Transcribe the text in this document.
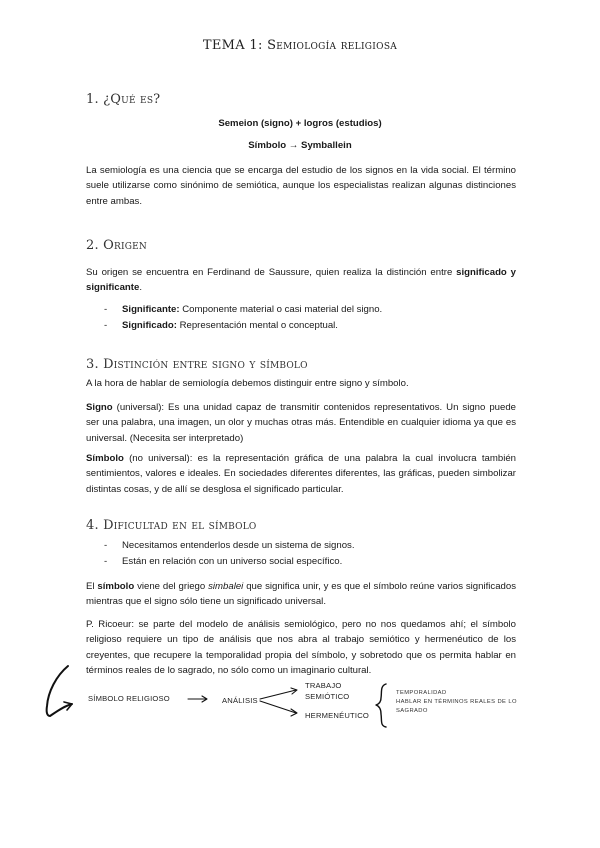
TEMA 1: Semiología religiosa
1. ¿Qué es?
Semeion (signo) + logros (estudios)
Símbolo → Symballein
La semiología es una ciencia que se encarga del estudio de los signos en la vida social. El término suele utilizarse como sinónimo de semiótica, aunque los especialistas realizan algunas distinciones entre ambas.
2. Origen
Su origen se encuentra en Ferdinand de Saussure, quien realiza la distinción entre significado y significante.
- Significante: Componente material o casi material del signo.
- Significado: Representación mental o conceptual.
3. Distinción entre signo y símbolo
A la hora de hablar de semiología debemos distinguir entre signo y símbolo.
Signo (universal): Es una unidad capaz de transmitir contenidos representativos. Un signo puede ser una palabra, una imagen, un olor y muchas otras más. Entendible en cualquier idioma ya que es universal. (Necesita ser interpretado)
Símbolo (no universal): es la representación gráfica de una palabra la cual involucra también sentimientos, valores e ideales. En sociedades diferentes diferentes, las gráficas, pueden simbolizar distintas cosas, y de allí se desglosa el significado particular.
4. Dificultad en el símbolo
- Necesitamos entenderlos desde un sistema de signos.
- Están en relación con un universo social específico.
El símbolo viene del griego simbalei que significa unir, y es que el símbolo reúne varios significados mientras que el signo sólo tiene un significado universal.
P. Ricoeur: se parte del modelo de análisis semiológico, pero no nos quedamos ahí; el símbolo religioso requiere un tipo de análisis que nos abra al trabajo semiótico y hermenéutico de los creyentes, que recupere la temporalidad propia del símbolo, y sobretodo que os permita hablar en términos reales de lo sagrado, no sólo como un imaginario cultural.
SÍMBOLO RELIGIOSO	ANÁLISIS
TRABAJO
SEMIÓTICO
HERMENÉUTICO
TEMPORALIDAD
HABLAR EN TÉRMINOS REALES DE LO
SAGRADO
